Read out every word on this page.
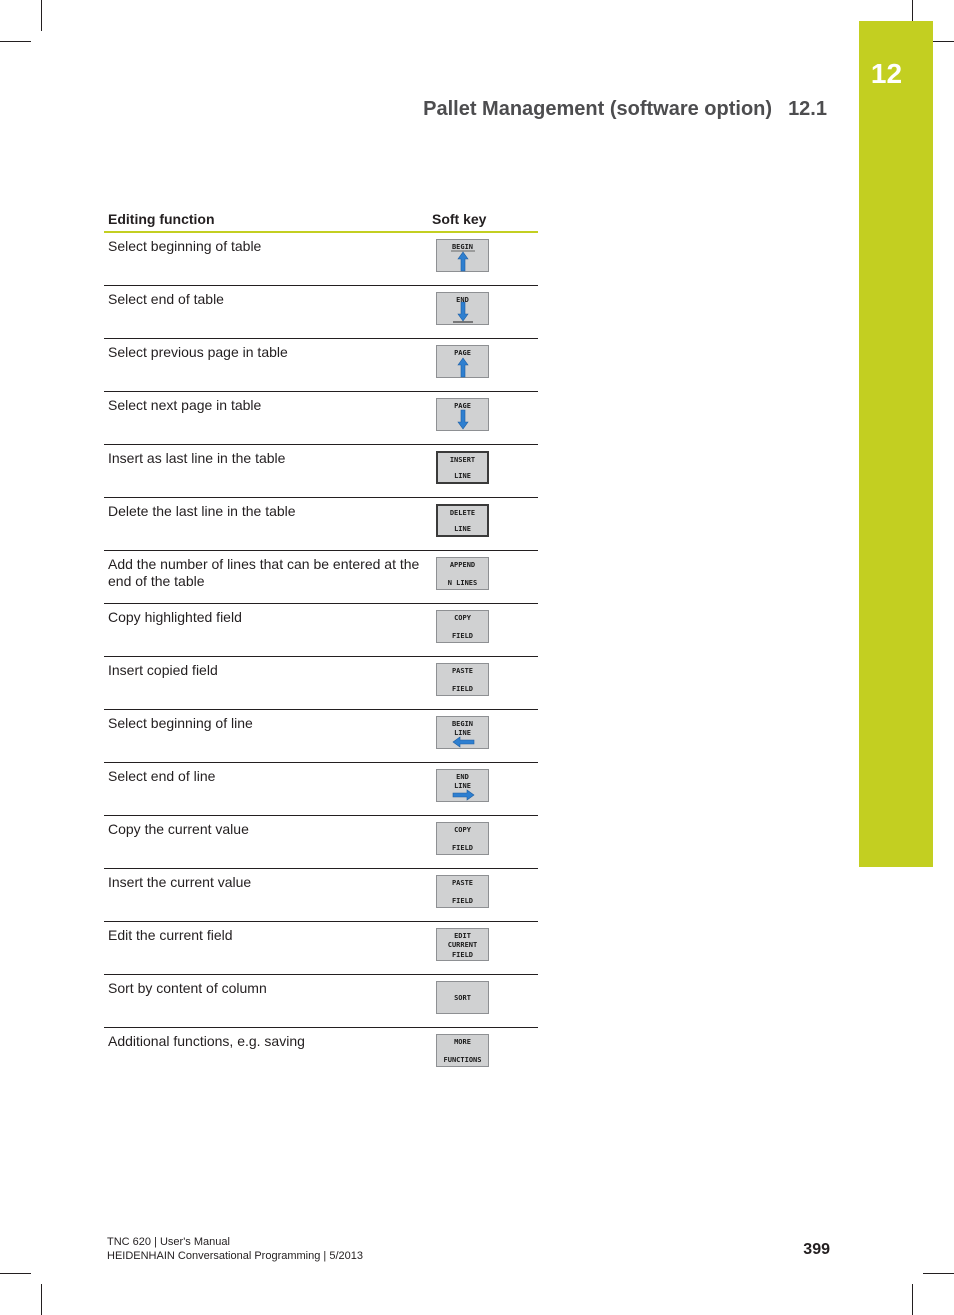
12
Pallet Management (software option) 12.1
Editing function	Soft key
Select beginning of table	BEGIN

Select end of table	END

Select previous page in table	PAGE

Select next page in table	PAGE

Insert as last line in the table	INSERT
LINE

Delete the last line in the table	DELETE
LINE

Add the number of lines that can be entered at the end of the table	APPEND
N LINES

Copy highlighted field	COPY
FIELD

Insert copied field	PASTE
FIELD

Select beginning of line	BEGIN
LINE

Select end of line	END
LINE

Copy the current value	COPY
FIELD

Insert the current value	PASTE
FIELD

Edit the current field	EDIT
CURRENT
FIELD

Sort by content of column	SORT

Additional functions, e.g. saving	MORE
FUNCTIONS
TNC 620 | User's Manual
HEIDENHAIN Conversational Programming | 5/2013	399
